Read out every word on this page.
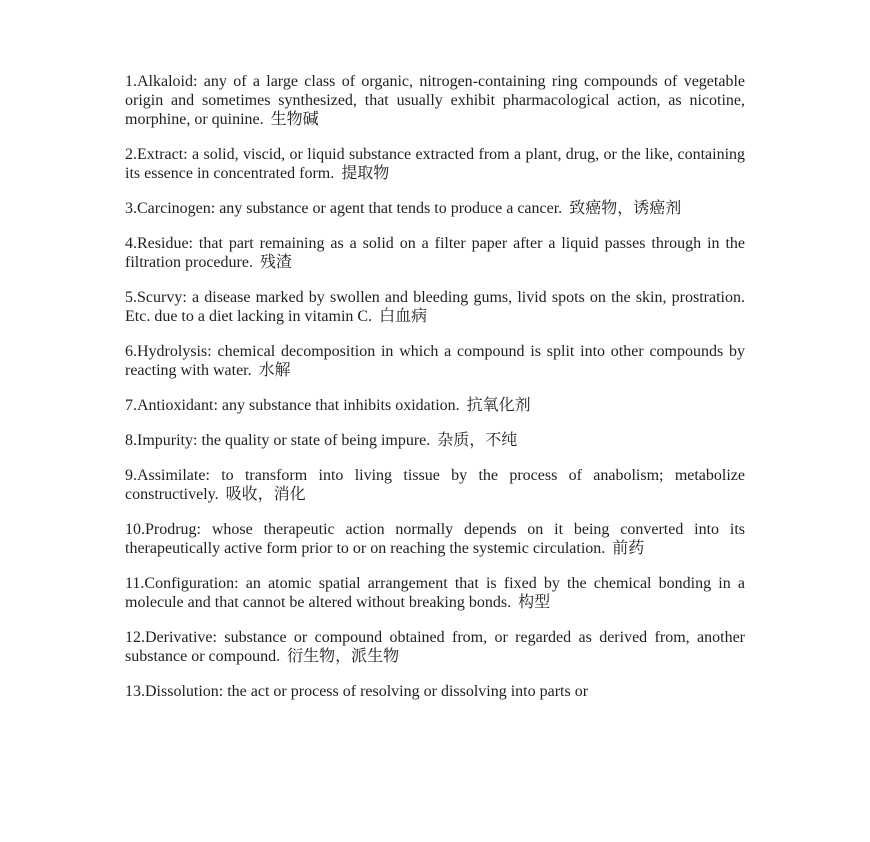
1.Alkaloid: any of a large class of organic, nitrogen-containing ring compounds of vegetable origin and sometimes synthesized, that usually exhibit pharmacological action, as nicotine, morphine, or quinine. 生物碱

2.Extract: a solid, viscid, or liquid substance extracted from a plant, drug, or the like, containing its essence in concentrated form. 提取物

3.Carcinogen: any substance or agent that tends to produce a cancer. 致癌物，诱癌剂

4.Residue: that part remaining as a solid on a filter paper after a liquid passes through in the filtration procedure. 残渣

5.Scurvy: a disease marked by swollen and bleeding gums, livid spots on the skin, prostration. Etc. due to a diet lacking in vitamin C. 白血病

6.Hydrolysis: chemical decomposition in which a compound is split into other compounds by reacting with water. 水解

7.Antioxidant: any substance that inhibits oxidation. 抗氧化剂

8.Impurity: the quality or state of being impure. 杂质，不纯

9.Assimilate: to transform into living tissue by the process of anabolism; metabolize constructively. 吸收，消化

10.Prodrug: whose therapeutic action normally depends on it being converted into its therapeutically active form prior to or on reaching the systemic circulation. 前药

11.Configuration: an atomic spatial arrangement that is fixed by the chemical bonding in a molecule and that cannot be altered without breaking bonds. 构型

12.Derivative: substance or compound obtained from, or regarded as derived from, another substance or compound. 衍生物，派生物

13.Dissolution: the act or process of resolving or dissolving into parts or
